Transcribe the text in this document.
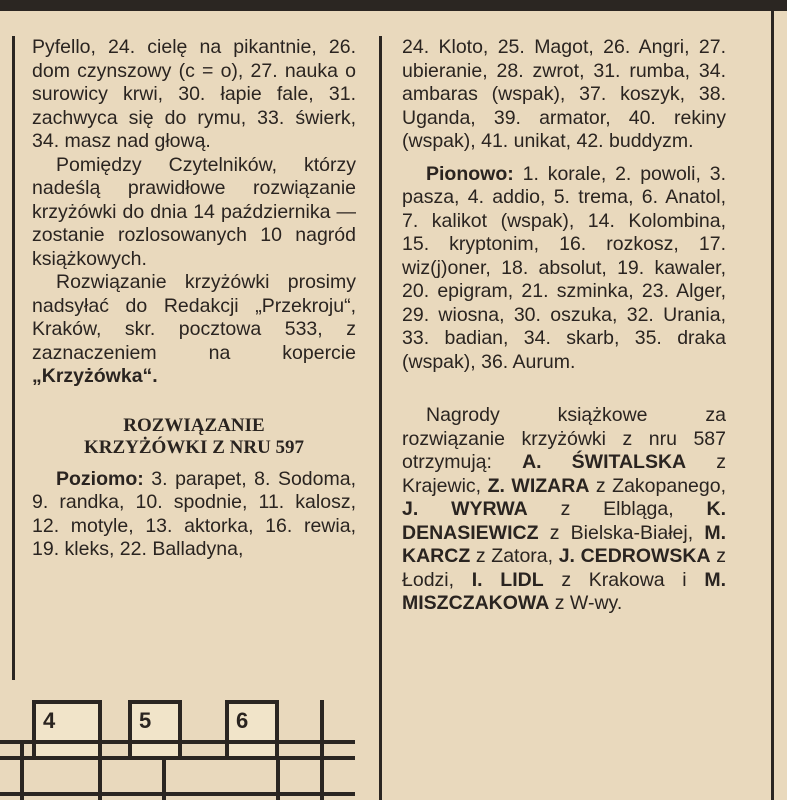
Pyfello, 24. cielę na pikantnie, 26. dom czynszowy (c = o), 27. nauka o surowicy krwi, 30. łapie fale, 31. zachwyca się do rymu, 33. świerk, 34. masz nad głową.

Pomiędzy Czytelników, którzy nadeślą prawidłowe rozwiązanie krzyżówki do dnia 14 października — zostanie rozlosowanych 10 nagród książkowych.

Rozwiązanie krzyżówki prosimy nadsyłać do Redakcji „Przekroju“, Kraków, skr. pocztowa 533, z zaznaczeniem na kopercie „Krzyżówka“.

ROZWIĄZANIE
KRZYŻÓWKI Z NRU 597

Poziomo: 3. parapet, 8. Sodoma, 9. randka, 10. spodnie, 11. kalosz, 12. motyle, 13. aktorka, 16. rewia, 19. kleks, 22. Balladyna,

24. Kloto, 25. Magot, 26. Angri, 27. ubieranie, 28. zwrot, 31. rumba, 34. ambaras (wspak), 37. koszyk, 38. Uganda, 39. armator, 40. rekiny (wspak), 41. unikat, 42. buddyzm.

Pionowo: 1. korale, 2. powoli, 3. pasza, 4. addio, 5. trema, 6. Anatol, 7. kalikot (wspak), 14. Kolombina, 15. kryptonim, 16. rozkosz, 17. wiz(j)oner, 18. absolut, 19. kawaler, 20. epigram, 21. szminka, 23. Alger, 29. wiosna, 30. oszuka, 32. Urania, 33. badian, 34. skarb, 35. draka (wspak), 36. Aurum.

Nagrody książkowe za rozwiązanie krzyżówki z nru 587 otrzymują: A. ŚWITALSKA z Krajewic, Z. WIZARA z Zakopanego, J. WYRWA z Elbląga, K. DENASIEWICZ z Bielska-Białej, M. KARCZ z Zatora, J. CEDROWSKA z Łodzi, I. LIDL z Krakowa i M. MISZCZAKOWA z W-wy.

4	5	6
